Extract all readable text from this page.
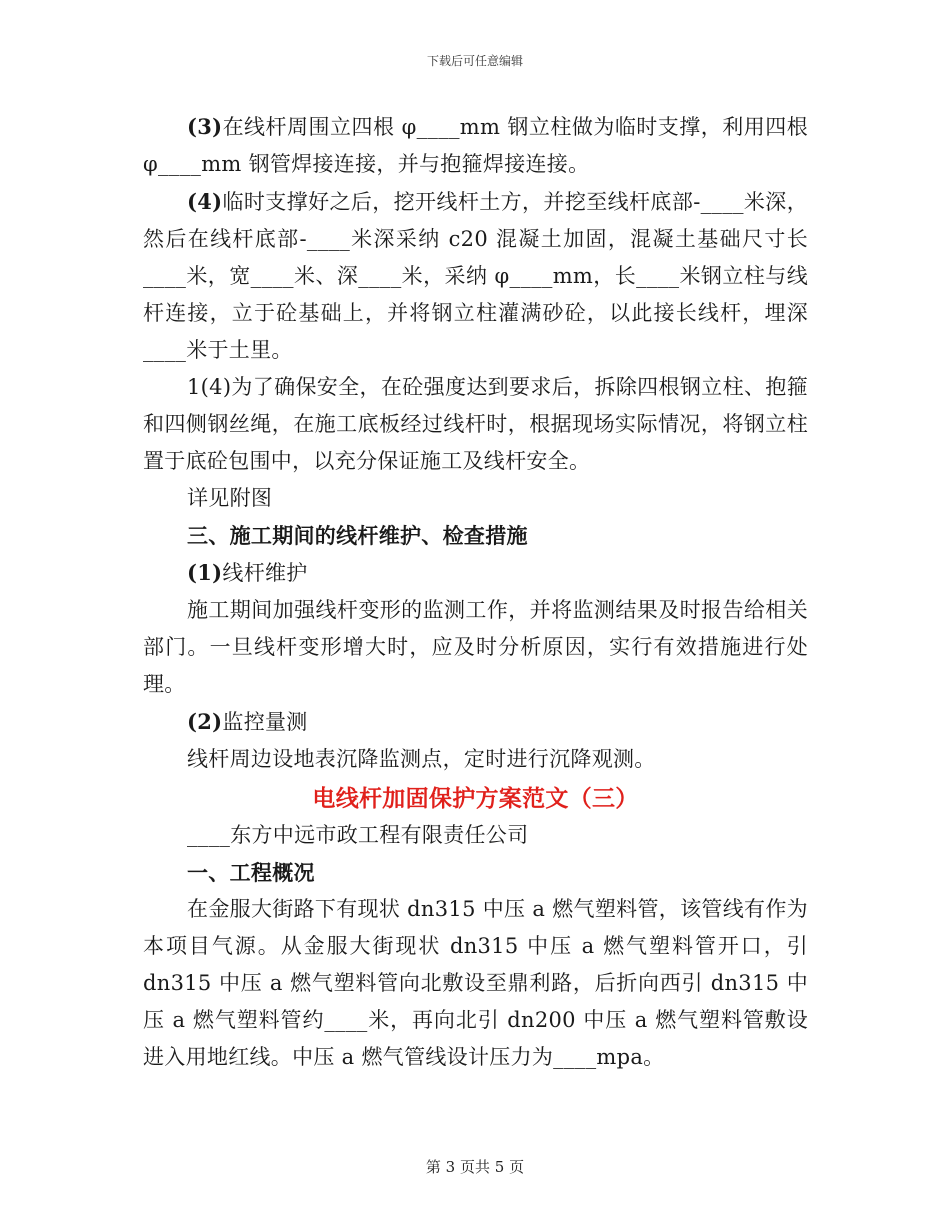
下载后可任意编辑

(3)在线杆周围立四根 φ____mm 钢立柱做为临时支撑，利用四根φ____mm 钢管焊接连接，并与抱箍焊接连接。

(4)临时支撑好之后，挖开线杆土方，并挖至线杆底部-____米深，然后在线杆底部-____米深采纳 c20 混凝土加固，混凝土基础尺寸长____米，宽____米、深____米，采纳 φ____mm，长____米钢立柱与线杆连接，立于砼基础上，并将钢立柱灌满砂砼，以此接长线杆，埋深____米于土里。

1(4)为了确保安全，在砼强度达到要求后，拆除四根钢立柱、抱箍和四侧钢丝绳，在施工底板经过线杆时，根据现场实际情况，将钢立柱置于底砼包围中，以充分保证施工及线杆安全。

详见附图

三、施工期间的线杆维护、检查措施

(1)线杆维护

施工期间加强线杆变形的监测工作，并将监测结果及时报告给相关部门。一旦线杆变形增大时，应及时分析原因，实行有效措施进行处理。

(2)监控量测

线杆周边设地表沉降监测点，定时进行沉降观测。

电线杆加固保护方案范文（三）

____东方中远市政工程有限责任公司

一、工程概况

在金服大街路下有现状 dn315 中压 a 燃气塑料管，该管线有作为本项目气源。从金服大街现状 dn315 中压 a 燃气塑料管开口，引 dn315 中压 a 燃气塑料管向北敷设至鼎利路，后折向西引 dn315 中压 a 燃气塑料管约____米，再向北引 dn200 中压 a 燃气塑料管敷设进入用地红线。中压 a 燃气管线设计压力为____mpa。

第 3 页共 5 页
